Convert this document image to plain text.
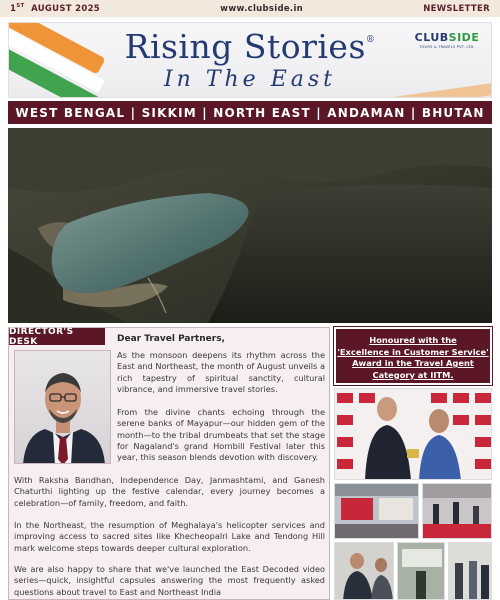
1ST AUGUST 2025	www.clubside.in	NEWSLETTER
Rising Stories®
In The East
CLUBSIDE
TOURS & TRAVELS PVT. LTD.
WEST BENGAL | SIKKIM | NORTH EAST | ANDAMAN | BHUTAN
DIRECTOR'S DESK	Dear Travel Partners,
As the monsoon deepens its rhythm across the East and Northeast, the month of August unveils a rich tapestry of spiritual sanctity, cultural vibrance, and immersive travel stories.
From the divine chants echoing through the serene banks of Mayapur—our hidden gem of the month—to the tribal drumbeats that set the stage for Nagaland's grand Hornbill Festival later this year, this season blends devotion with discovery.
With Raksha Bandhan, Independence Day, Janmashtami, and Ganesh Chaturthi lighting up the festive calendar, every journey becomes a celebration—of family, freedom, and faith.
In the Northeast, the resumption of Meghalaya's helicopter services and improving access to sacred sites like Khecheopalri Lake and Tendong Hill mark welcome steps towards deeper cultural exploration.
We are also happy to share that we've launched the East Decoded video series—quick, insightful capsules answering the most frequently asked questions about travel to East and Northeast India
Honoured with the
'Excellence in Customer Service'
Award in the Travel Agent
Category at IITM.
